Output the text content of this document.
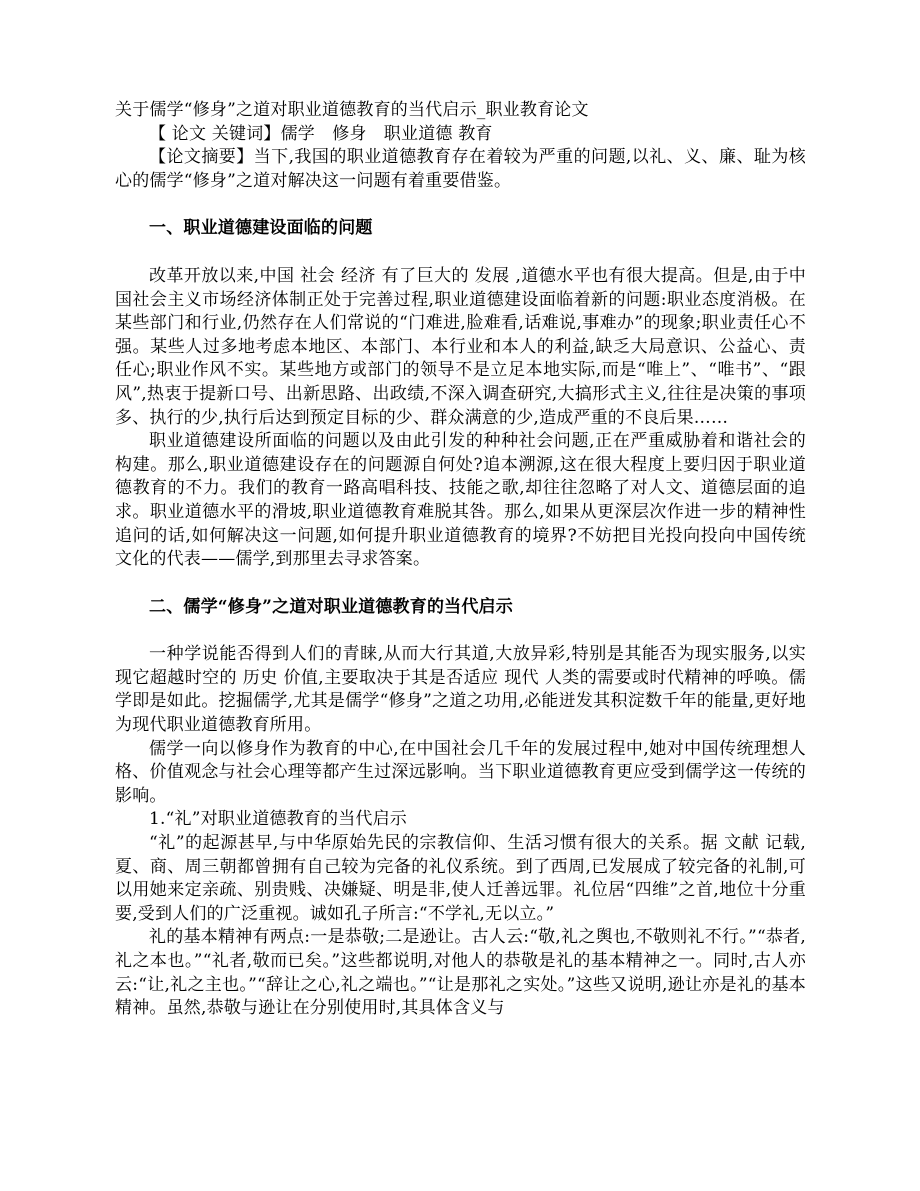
关于儒学“修身”之道对职业道德教育的当代启示_职业教育论文

【 论文 关键词】儒学　修身　职业道德 教育

【论文摘要】当下,我国的职业道德教育存在着较为严重的问题,以礼、义、廉、耻为核心的儒学“修身”之道对解决这一问题有着重要借鉴。

一、职业道德建设面临的问题

改革开放以来,中国 社会 经济 有了巨大的 发展 ,道德水平也有很大提高。但是,由于中国社会主义市场经济体制正处于完善过程,职业道德建设面临着新的问题:职业态度消极。在某些部门和行业,仍然存在人们常说的“门难进,脸难看,话难说,事难办”的现象;职业责任心不强。某些人过多地考虑本地区、本部门、本行业和本人的利益,缺乏大局意识、公益心、责任心;职业作风不实。某些地方或部门的领导不是立足本地实际,而是“唯上”、“唯书”、“跟风”,热衷于提新口号、出新思路、出政绩,不深入调查研究,大搞形式主义,往往是决策的事项多、执行的少,执行后达到预定目标的少、群众满意的少,造成严重的不良后果……

职业道德建设所面临的问题以及由此引发的种种社会问题,正在严重威胁着和谐社会的构建。那么,职业道德建设存在的问题源自何处?追本溯源,这在很大程度上要归因于职业道德教育的不力。我们的教育一路高唱科技、技能之歌,却往往忽略了对人文、道德层面的追求。职业道德水平的滑坡,职业道德教育难脱其咎。那么,如果从更深层次作进一步的精神性追问的话,如何解决这一问题,如何提升职业道德教育的境界?不妨把目光投向投向中国传统文化的代表——儒学,到那里去寻求答案。

二、儒学“修身”之道对职业道德教育的当代启示

一种学说能否得到人们的青睐,从而大行其道,大放异彩,特别是其能否为现实服务,以实现它超越时空的 历史 价值,主要取决于其是否适应 现代 人类的需要或时代精神的呼唤。儒学即是如此。挖掘儒学,尤其是儒学“修身”之道之功用,必能迸发其积淀数千年的能量,更好地为现代职业道德教育所用。

儒学一向以修身作为教育的中心,在中国社会几千年的发展过程中,她对中国传统理想人格、价值观念与社会心理等都产生过深远影响。当下职业道德教育更应受到儒学这一传统的影响。

1.“礼”对职业道德教育的当代启示

“礼”的起源甚早,与中华原始先民的宗教信仰、生活习惯有很大的关系。据 文献 记载,夏、商、周三朝都曾拥有自己较为完备的礼仪系统。到了西周,已发展成了较完备的礼制,可以用她来定亲疏、别贵贱、决嫌疑、明是非,使人迁善远罪。礼位居“四维”之首,地位十分重要,受到人们的广泛重视。诚如孔子所言:“不学礼,无以立。”

礼的基本精神有两点:一是恭敬;二是逊让。古人云:“敬,礼之舆也,不敬则礼不行。”“恭者,礼之本也。”“礼者,敬而已矣。”这些都说明,对他人的恭敬是礼的基本精神之一。同时,古人亦云:“让,礼之主也。”“辞让之心,礼之端也。”“让是那礼之实处。”这些又说明,逊让亦是礼的基本精神。虽然,恭敬与逊让在分别使用时,其具体含义与
